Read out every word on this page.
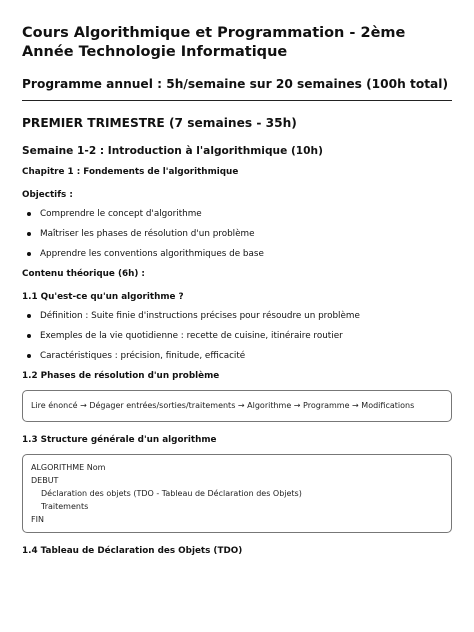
Cours Algorithmique et Programmation - 2ème Année Technologie Informatique
Programme annuel : 5h/semaine sur 20 semaines (100h total)
PREMIER TRIMESTRE (7 semaines - 35h)
Semaine 1-2 : Introduction à l'algorithmique (10h)
Chapitre 1 : Fondements de l'algorithmique
Objectifs :
Comprendre le concept d'algorithme
Maîtriser les phases de résolution d'un problème
Apprendre les conventions algorithmiques de base
Contenu théorique (6h) :
1.1 Qu'est-ce qu'un algorithme ?
Définition : Suite finie d'instructions précises pour résoudre un problème
Exemples de la vie quotidienne : recette de cuisine, itinéraire routier
Caractéristiques : précision, finitude, efficacité
1.2 Phases de résolution d'un problème
Lire énoncé → Dégager entrées/sorties/traitements → Algorithme → Programme → Modifications
1.3 Structure générale d'un algorithme
ALGORITHME Nom
DEBUT
Déclaration des objets (TDO - Tableau de Déclaration des Objets)
Traitements
FIN
1.4 Tableau de Déclaration des Objets (TDO)
